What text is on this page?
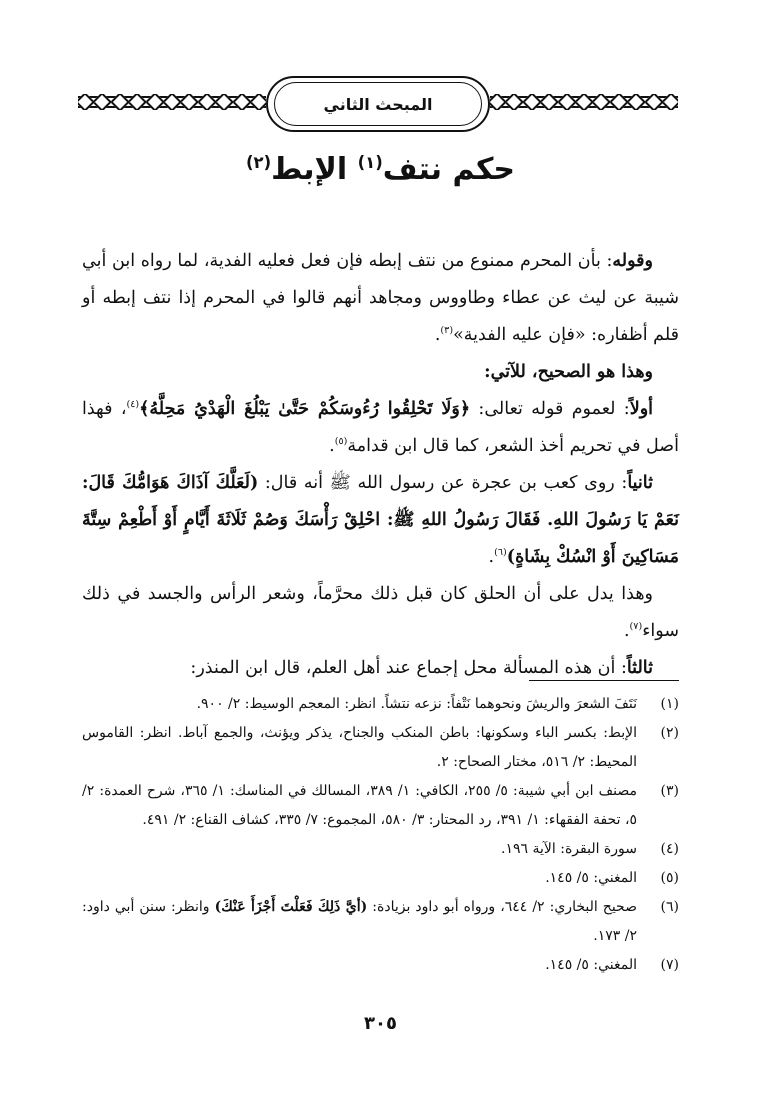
المبحث الثاني
حكم نتف$^{(١)}$ الإبط$^{(٢)}$

وقوله: بأن المحرم ممنوع من نتف إبطه فإن فعل فعليه الفدية، لما رواه ابن أبي شيبة عن ليث عن عطاء وطاووس ومجاهد أنهم قالوا في المحرم إذا نتف إبطه أو قلم أظفاره: «فإن عليه الفدية»$^{(٣)}$.

وهذا هو الصحيح، للآتي:

أولاً: لعموم قوله تعالى: ﴿وَلَا تَحْلِقُوا رُءُوسَكُمْ حَتَّىٰ يَبْلُغَ الْهَدْيُ مَحِلَّهُ﴾$^{(٤)}$، فهذا أصل في تحريم أخذ الشعر، كما قال ابن قدامة$^{(٥)}$.

ثانياً: روى كعب بن عجرة عن رسول الله ﷺ أنه قال: (لَعَلَّكَ آذَاكَ هَوَامُّكَ قَالَ: نَعَمْ يَا رَسُولَ اللهِ. فَقَالَ رَسُولُ اللهِ ﷺ: احْلِقْ رَأْسَكَ وَصُمْ ثَلَاثَةَ أَيَّامٍ أَوْ أَطْعِمْ سِتَّةَ مَسَاكِينَ أَوْ انْسُكْ بِشَاةٍ)$^{(٦)}$.

وهذا يدل على أن الحلق كان قبل ذلك محرَّماً، وشعر الرأس والجسد في ذلك سواء$^{(٧)}$.

ثالثاً: أن هذه المسألة محل إجماع عند أهل العلم، قال ابن المنذر:

(١)
نَتَفَ الشعرَ والريشَ ونحوهما نَتْفاً: نزعه نتشاً. انظر: المعجم الوسيط: ٢/ ٩٠٠.
(٢)
الإبط: بكسر الباء وسكونها: باطن المنكب والجناح، يذكر ويؤنث، والجمع آباط. انظر: القاموس المحيط: ٢/ ٥١٦، مختار الصحاح: ٢.
(٣)
مصنف ابن أبي شيبة: ٥/ ٢٥٥، الكافي: ١/ ٣٨٩، المسالك في المناسك: ١/ ٣٦٥، شرح العمدة: ٢/ ٥، تحفة الفقهاء: ١/ ٣٩١، رد المحتار: ٣/ ٥٨٠، المجموع: ٧/ ٣٣٥، كشاف القناع: ٢/ ٤٩١.
(٤)
سورة البقرة: الآية ١٩٦.
(٥)
المغني: ٥/ ١٤٥.
(٦)
صحيح البخاري: ٢/ ٦٤٤، ورواه أبو داود بزيادة: (أيَّ ذَلِكَ فَعَلْتَ أَجْزَأَ عَنْكَ) وانظر: سنن أبي داود: ٢/ ١٧٣.
(٧)
المغني: ٥/ ١٤٥.
٣٠٥
